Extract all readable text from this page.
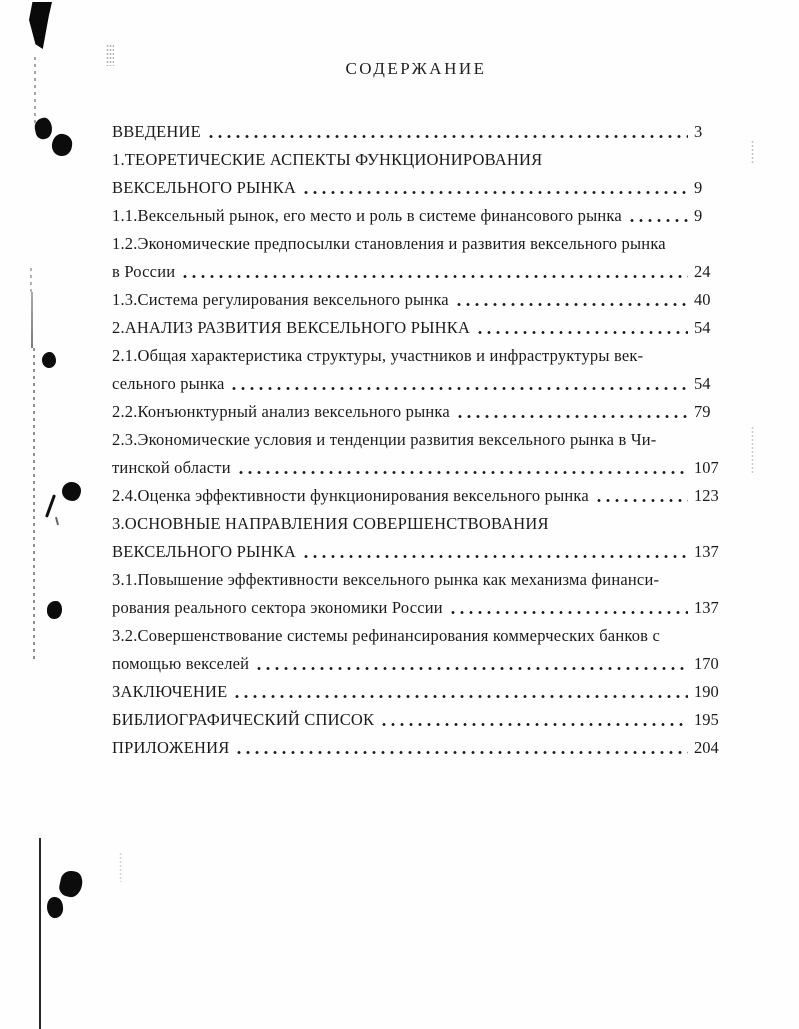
СОДЕРЖАНИЕ
ВВЕДЕНИЕ	3
1.ТЕОРЕТИЧЕСКИЕ АСПЕКТЫ ФУНКЦИОНИРОВАНИЯ
ВЕКСЕЛЬНОГО РЫНКА	9
1.1.Вексельный рынок, его место и роль в системе финансового рынка	9
1.2.Экономические предпосылки становления и развития вексельного рынка
в России	24
1.3.Система регулирования вексельного рынка	40
2.АНАЛИЗ РАЗВИТИЯ ВЕКСЕЛЬНОГО РЫНКА	54
2.1.Общая характеристика структуры, участников и инфраструктуры век-
сельного рынка	54
2.2.Конъюнктурный анализ вексельного рынка	79
2.3.Экономические условия и тенденции развития вексельного рынка в Чи-
тинской области	107
2.4.Оценка эффективности функционирования вексельного рынка	123
3.ОСНОВНЫЕ НАПРАВЛЕНИЯ СОВЕРШЕНСТВОВАНИЯ
ВЕКСЕЛЬНОГО РЫНКА	137
3.1.Повышение эффективности вексельного рынка как механизма финанси-
рования реального сектора экономики России	137
3.2.Совершенствование системы рефинансирования коммерческих банков с
помощью векселей	170
ЗАКЛЮЧЕНИЕ	190
БИБЛИОГРАФИЧЕСКИЙ СПИСОК	195
ПРИЛОЖЕНИЯ	204
